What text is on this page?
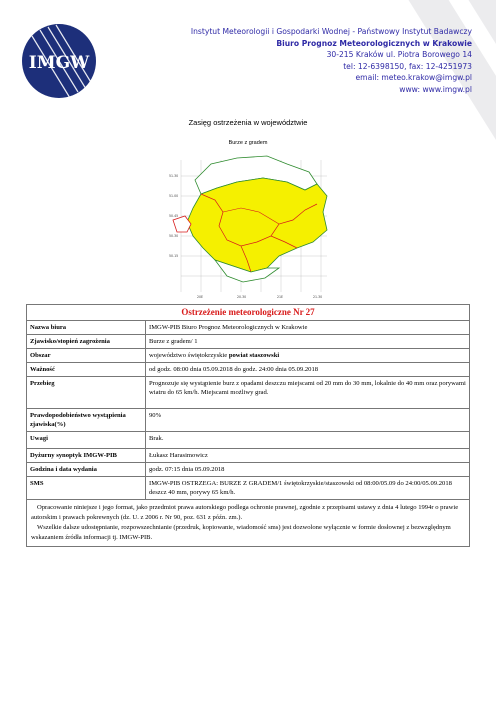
IMGW
Instytut Meteorologii i Gospodarki Wodnej - Państwowy Instytut Badawczy
Biuro Prognoz Meteorologicznych w Krakowie
30-215 Kraków ul. Piotra Borowego 14
tel: 12-6398150, fax: 12-4251973
email: meteo.krakow@imgw.pl
www: www.imgw.pl
Zasięg ostrzeżenia w województwie
Burze z gradem
51.30
51.00
50.45
50.30
50.15
20E	20.30	21E	21.30
Ostrzeżenie meteorologiczne Nr 27	
Nazwa biura	IMGW-PIB Biuro Prognoz Meteorologicznych w Krakowie
Zjawisko/stopień zagrożenia	Burze z gradem/ 1
Obszar	województwo świętokrzyskie powiat staszowski
Ważność	od godz. 08:00 dnia 05.09.2018 do godz. 24:00 dnia 05.09.2018
Przebieg	Prognozuje się wystąpienie burz z opadami deszczu miejscami od 20 mm do 30 mm, lokalnie do 40 mm oraz porywami wiatru do 65 km/h. Miejscami możliwy grad.
Prawdopodobieństwo wystąpienia zjawiska(%)	90%
Uwagi	Brak.
Dyżurny synoptyk IMGW-PIB	Łukasz Harasimowicz
Godzina i data wydania	godz. 07:15 dnia 05.09.2018
SMS	IMGW-PIB OSTRZEGA: BURZE Z GRADEM/1 świętokrzyskie/staszowski od 08:00/05.09 do 24:00/05.09.2018 deszcz 40 mm, porywy 65 km/h.

Opracowanie niniejsze i jego format, jako przedmiot prawa autorskiego podlega ochronie prawnej, zgodnie z przepisami ustawy z dnia 4 lutego 1994r o prawie autorskim i prawach pokrewnych (dz. U. z 2006 r. Nr 90, poz. 631 z późn. zm.).
Wszelkie dalsze udostępnianie, rozpowszechnianie (przedruk, kopiowanie, wiadomość sms) jest dozwolone wyłącznie w formie dosłownej z bezwzględnym wskazaniem źródła informacji tj. IMGW-PIB.	
